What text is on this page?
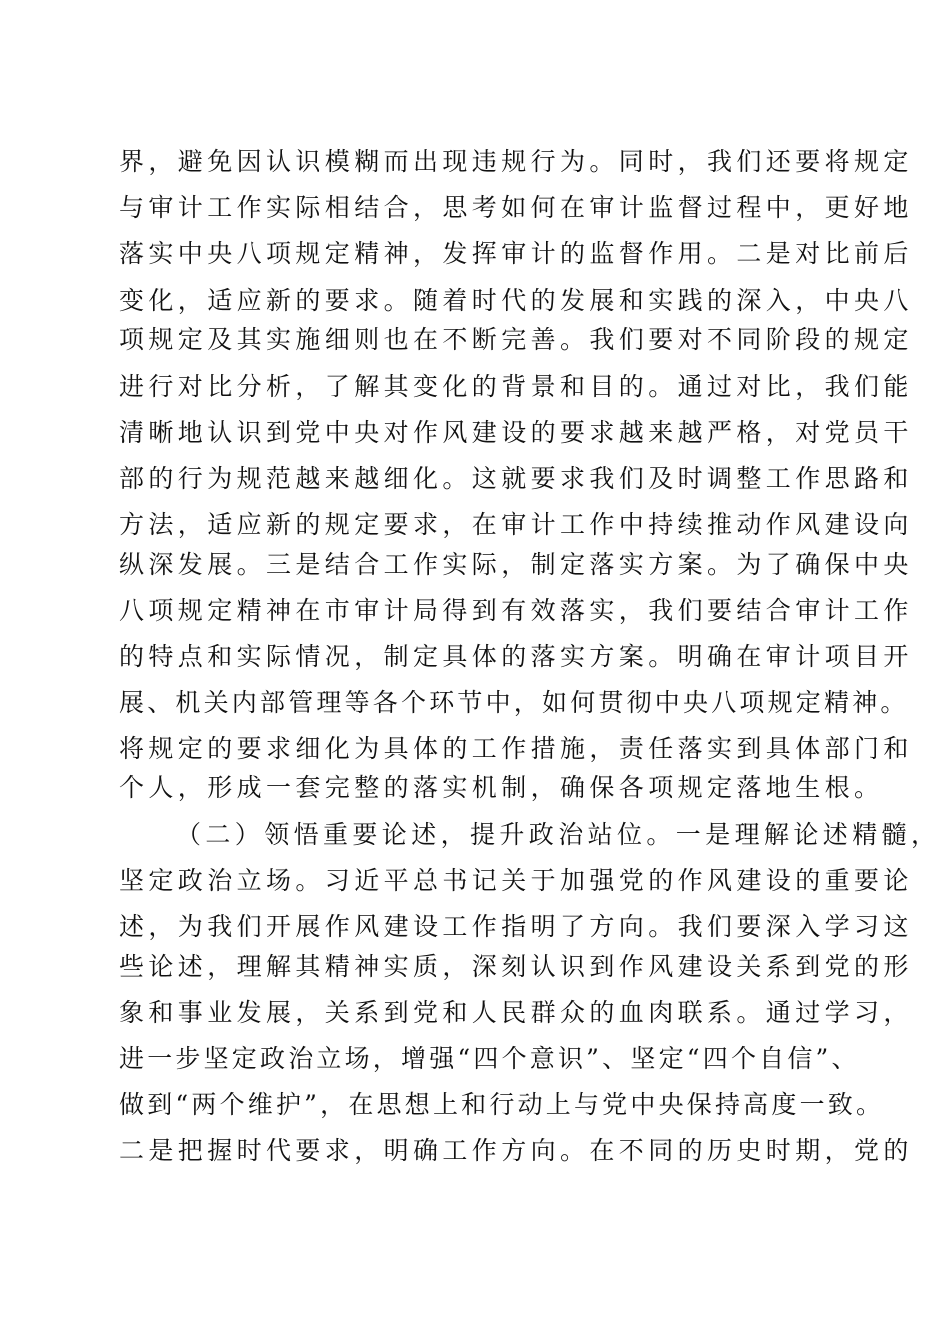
界，避免因认识模糊而出现违规行为。同时，我们还要将规定
与审计工作实际相结合，思考如何在审计监督过程中，更好地
落实中央八项规定精神，发挥审计的监督作用。二是对比前后
变化，适应新的要求。随着时代的发展和实践的深入，中央八
项规定及其实施细则也在不断完善。我们要对不同阶段的规定
进行对比分析，了解其变化的背景和目的。通过对比，我们能
清晰地认识到党中央对作风建设的要求越来越严格，对党员干
部的行为规范越来越细化。这就要求我们及时调整工作思路和
方法，适应新的规定要求，在审计工作中持续推动作风建设向
纵深发展。三是结合工作实际，制定落实方案。为了确保中央
八项规定精神在市审计局得到有效落实，我们要结合审计工作
的特点和实际情况，制定具体的落实方案。明确在审计项目开
展、机关内部管理等各个环节中，如何贯彻中央八项规定精神。
将规定的要求细化为具体的工作措施，责任落实到具体部门和
个人，形成一套完整的落实机制，确保各项规定落地生根。
（二）领悟重要论述，提升政治站位。一是理解论述精髓，
坚定政治立场。习近平总书记关于加强党的作风建设的重要论
述，为我们开展作风建设工作指明了方向。我们要深入学习这
些论述，理解其精神实质，深刻认识到作风建设关系到党的形
象和事业发展，关系到党和人民群众的血肉联系。通过学习，
进一步坚定政治立场，增强“四个意识”、坚定“四个自信”、
做到“两个维护”，在思想上和行动上与党中央保持高度一致。
二是把握时代要求，明确工作方向。在不同的历史时期，党的
